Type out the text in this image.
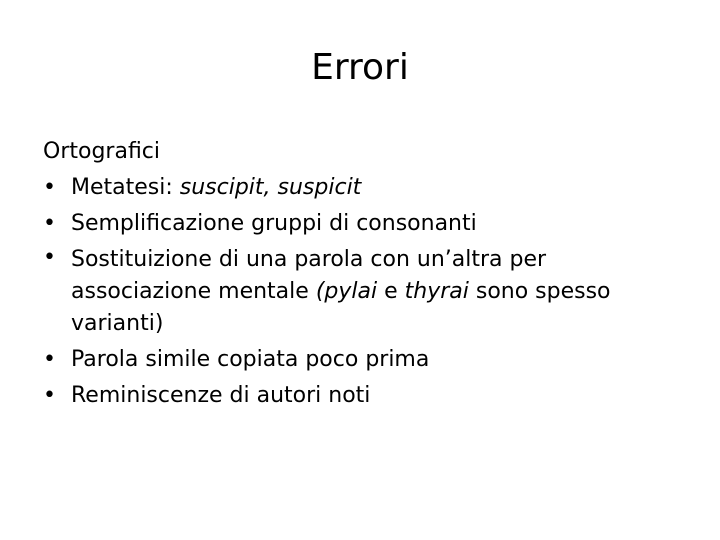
Errori

Ortografici

• Metatesi: suscipit, suspicit
• Semplificazione gruppi di consonanti
• Sostituizione di una parola con un’altra per associazione mentale (pylai e thyrai sono spesso varianti)
• Parola simile copiata poco prima
• Reminiscenze di autori noti
